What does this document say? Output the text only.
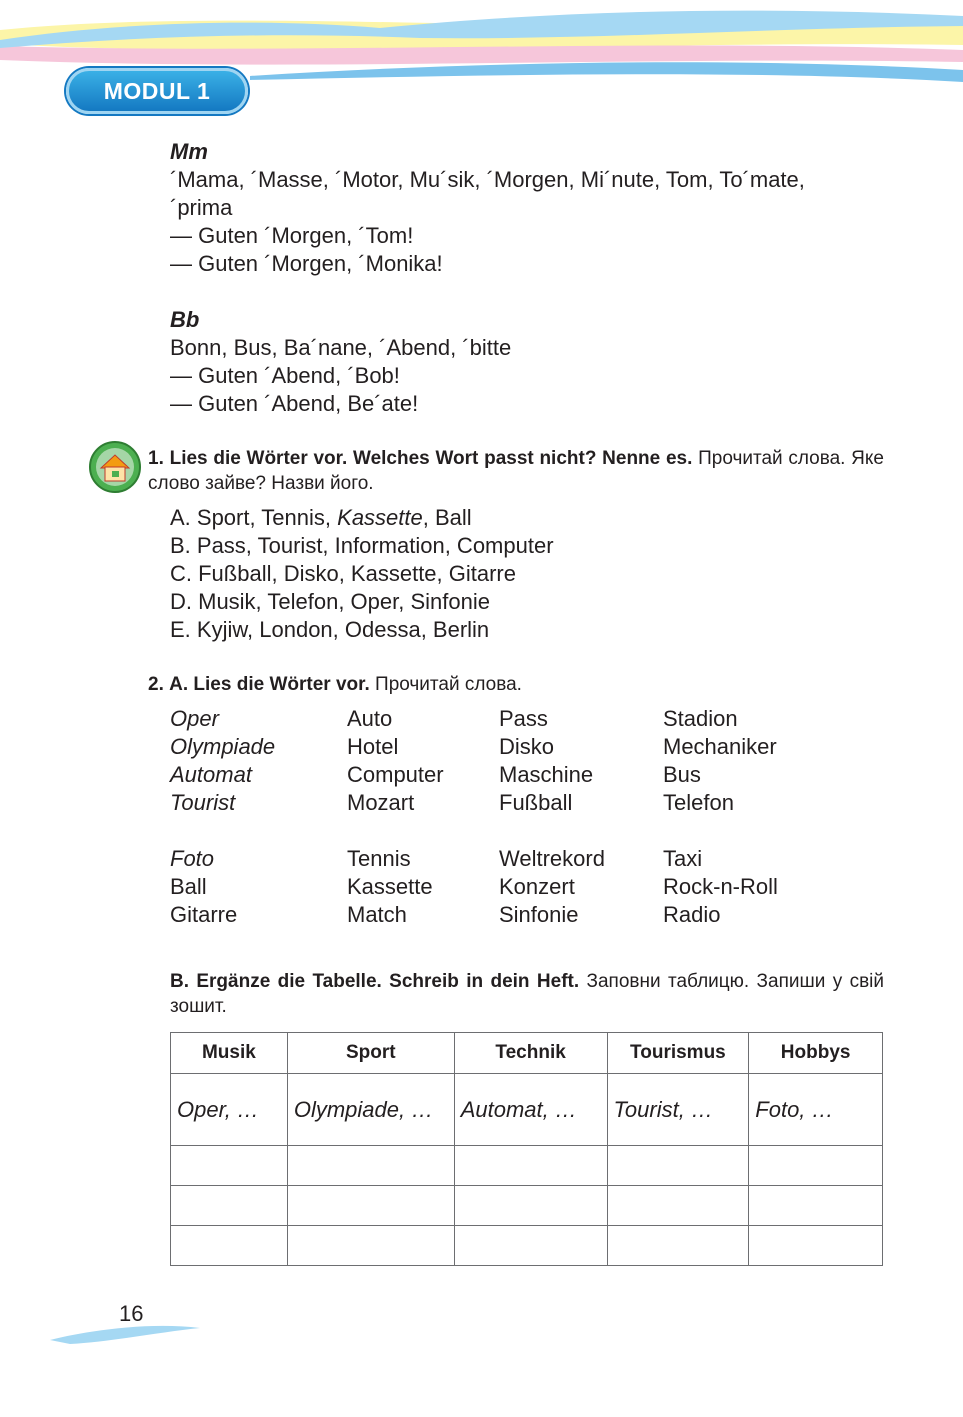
MODUL 1
Mm
´Mama, ´Masse, ´Motor, Mu´sik, ´Morgen, Mi´nute, Tom, To´mate,
´prima
— Guten ´Morgen, ´Tom!
— Guten ´Morgen, ´Monika!
Bb
Bonn, Bus, Ba´nane, ´Abend, ´bitte
— Guten ´Abend, ´Bob!
— Guten ´Abend, Be´ate!
1. Lies die Wörter vor. Welches Wort passt nicht? Nenne es. Прочитай слова. Яке слово зайве? Назви його.
A. Sport, Tennis, Kassette, Ball
B. Pass, Tourist, Information, Computer
C. Fußball, Disko, Kassette, Gitarre
D. Musik, Telefon, Oper, Sinfonie
E. Kyjiw, London, Odessa, Berlin
2. A. Lies die Wörter vor. Прочитай слова.
Oper	Auto	Pass	Stadion
Olympiade	Hotel	Disko	Mechaniker
Automat	Computer	Maschine	Bus
Tourist	Mozart	Fußball	Telefon
Foto	Tennis	Weltrekord	Taxi
Ball	Kassette	Konzert	Rock-n-Roll
Gitarre	Match	Sinfonie	Radio
B. Ergänze die Tabelle. Schreib in dein Heft. Заповни таблицю. Запиши у свій зошит.
Musik	Sport	Technik	Tourismus	Hobbys
Oper, …	Olympiade, …	Automat, …	Tourist, …	Foto, …

16
